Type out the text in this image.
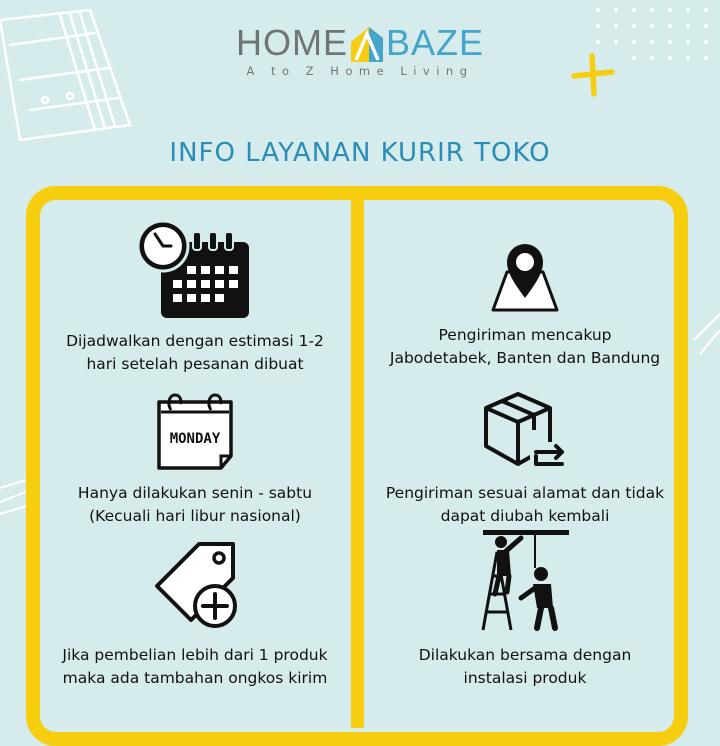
HOME BAZE
A to Z Home Living
INFO LAYANAN KURIR TOKO
Dijadwalkan dengan estimasi 1-2
hari setelah pesanan dibuat
Pengiriman mencakup
Jabodetabek, Banten dan Bandung
MONDAY
Hanya dilakukan senin - sabtu
(Kecuali hari libur nasional)
Pengiriman sesuai alamat dan tidak
dapat diubah kembali
Jika pembelian lebih dari 1 produk
maka ada tambahan ongkos kirim
Dilakukan bersama dengan
instalasi produk
